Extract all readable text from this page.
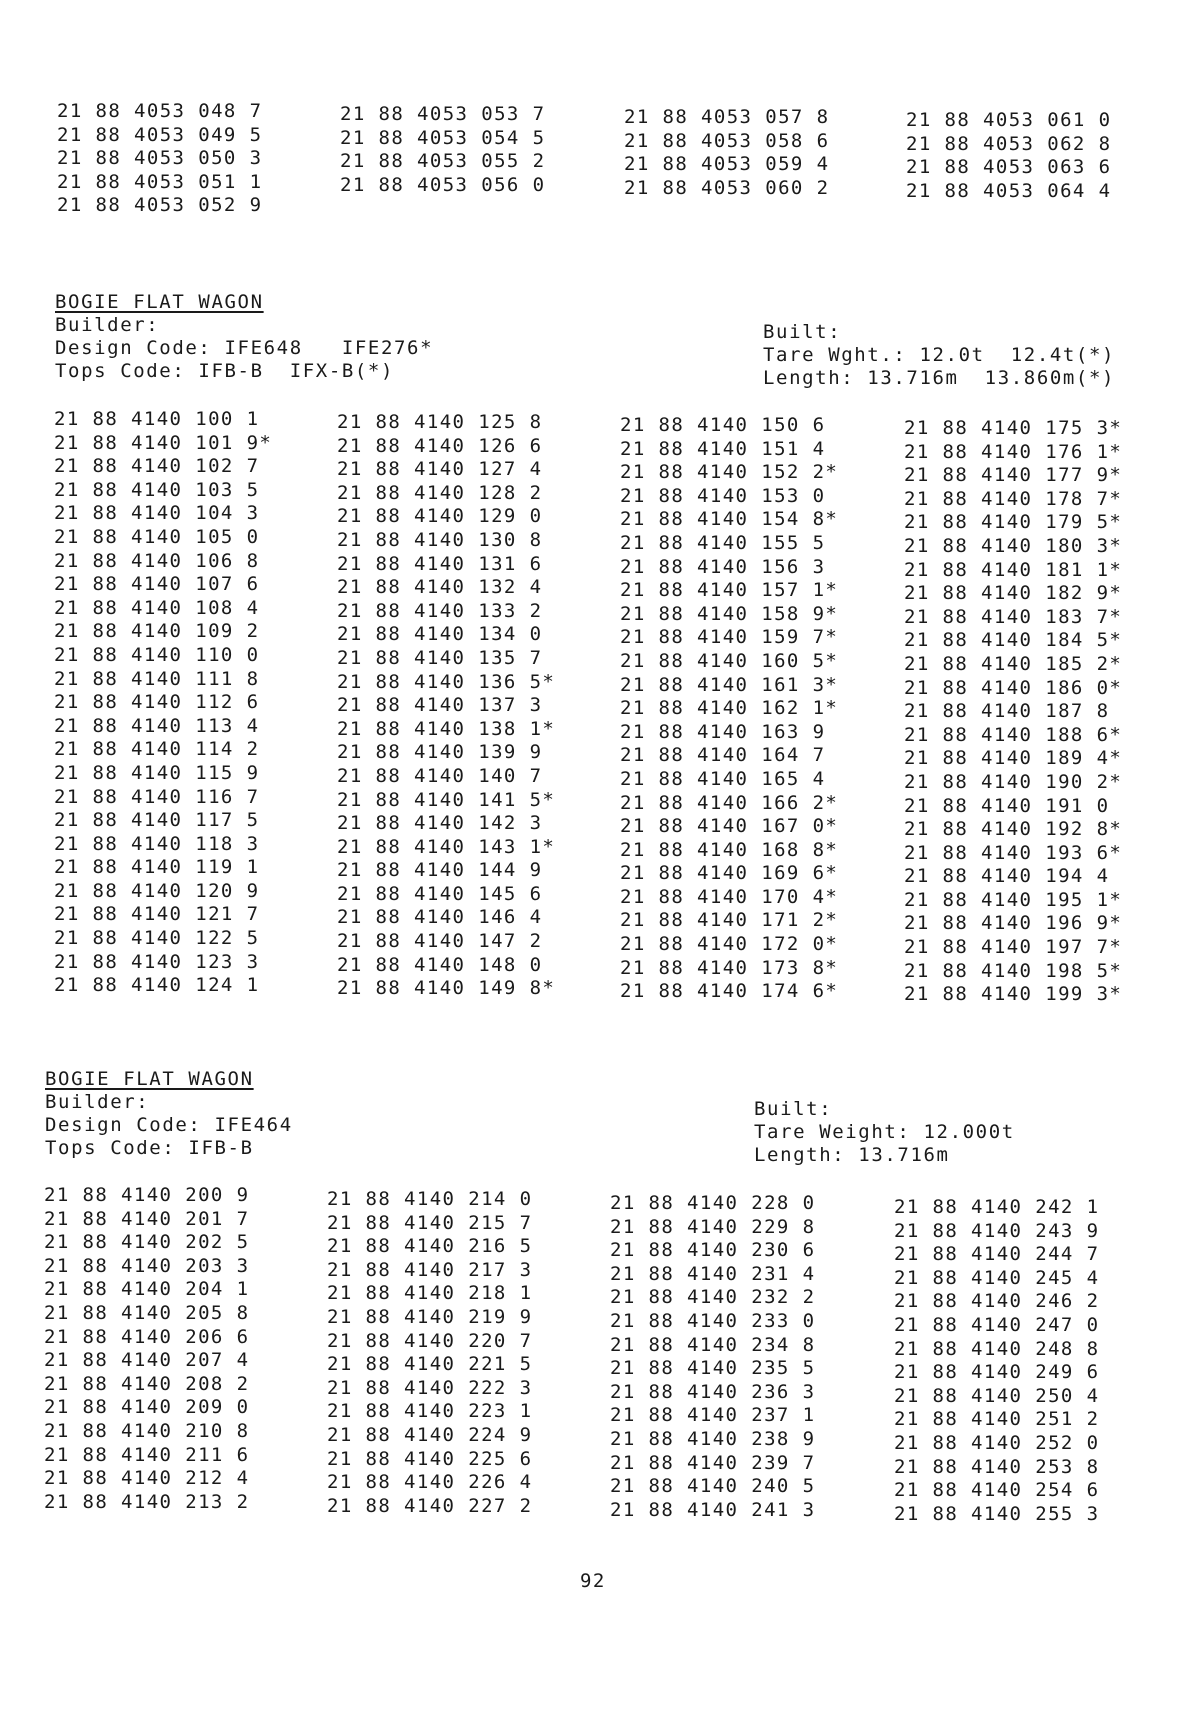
21 88 4053 048 7
21 88 4053 049 5
21 88 4053 050 3
21 88 4053 051 1
21 88 4053 052 9
21 88 4053 053 7
21 88 4053 054 5
21 88 4053 055 2
21 88 4053 056 0
21 88 4053 057 8
21 88 4053 058 6
21 88 4053 059 4
21 88 4053 060 2
21 88 4053 061 0
21 88 4053 062 8
21 88 4053 063 6
21 88 4053 064 4
BOGIE FLAT WAGON
Builder:
Design Code: IFE648   IFE276*
Tops Code: IFB-B  IFX-B(*)
Built:
Tare Wght.: 12.0t  12.4t(*)
Length: 13.716m  13.860m(*)
21 88 4140 100 1
21 88 4140 101 9*
21 88 4140 102 7
21 88 4140 103 5
21 88 4140 104 3
21 88 4140 105 0
21 88 4140 106 8
21 88 4140 107 6
21 88 4140 108 4
21 88 4140 109 2
21 88 4140 110 0
21 88 4140 111 8
21 88 4140 112 6
21 88 4140 113 4
21 88 4140 114 2
21 88 4140 115 9
21 88 4140 116 7
21 88 4140 117 5
21 88 4140 118 3
21 88 4140 119 1
21 88 4140 120 9
21 88 4140 121 7
21 88 4140 122 5
21 88 4140 123 3
21 88 4140 124 1
21 88 4140 125 8
21 88 4140 126 6
21 88 4140 127 4
21 88 4140 128 2
21 88 4140 129 0
21 88 4140 130 8
21 88 4140 131 6
21 88 4140 132 4
21 88 4140 133 2
21 88 4140 134 0
21 88 4140 135 7
21 88 4140 136 5*
21 88 4140 137 3
21 88 4140 138 1*
21 88 4140 139 9
21 88 4140 140 7
21 88 4140 141 5*
21 88 4140 142 3
21 88 4140 143 1*
21 88 4140 144 9
21 88 4140 145 6
21 88 4140 146 4
21 88 4140 147 2
21 88 4140 148 0
21 88 4140 149 8*
21 88 4140 150 6
21 88 4140 151 4
21 88 4140 152 2*
21 88 4140 153 0
21 88 4140 154 8*
21 88 4140 155 5
21 88 4140 156 3
21 88 4140 157 1*
21 88 4140 158 9*
21 88 4140 159 7*
21 88 4140 160 5*
21 88 4140 161 3*
21 88 4140 162 1*
21 88 4140 163 9
21 88 4140 164 7
21 88 4140 165 4
21 88 4140 166 2*
21 88 4140 167 0*
21 88 4140 168 8*
21 88 4140 169 6*
21 88 4140 170 4*
21 88 4140 171 2*
21 88 4140 172 0*
21 88 4140 173 8*
21 88 4140 174 6*
21 88 4140 175 3*
21 88 4140 176 1*
21 88 4140 177 9*
21 88 4140 178 7*
21 88 4140 179 5*
21 88 4140 180 3*
21 88 4140 181 1*
21 88 4140 182 9*
21 88 4140 183 7*
21 88 4140 184 5*
21 88 4140 185 2*
21 88 4140 186 0*
21 88 4140 187 8
21 88 4140 188 6*
21 88 4140 189 4*
21 88 4140 190 2*
21 88 4140 191 0
21 88 4140 192 8*
21 88 4140 193 6*
21 88 4140 194 4
21 88 4140 195 1*
21 88 4140 196 9*
21 88 4140 197 7*
21 88 4140 198 5*
21 88 4140 199 3*
BOGIE FLAT WAGON
Builder:
Design Code: IFE464
Tops Code: IFB-B
Built:
Tare Weight: 12.000t
Length: 13.716m
21 88 4140 200 9
21 88 4140 201 7
21 88 4140 202 5
21 88 4140 203 3
21 88 4140 204 1
21 88 4140 205 8
21 88 4140 206 6
21 88 4140 207 4
21 88 4140 208 2
21 88 4140 209 0
21 88 4140 210 8
21 88 4140 211 6
21 88 4140 212 4
21 88 4140 213 2
21 88 4140 214 0
21 88 4140 215 7
21 88 4140 216 5
21 88 4140 217 3
21 88 4140 218 1
21 88 4140 219 9
21 88 4140 220 7
21 88 4140 221 5
21 88 4140 222 3
21 88 4140 223 1
21 88 4140 224 9
21 88 4140 225 6
21 88 4140 226 4
21 88 4140 227 2
21 88 4140 228 0
21 88 4140 229 8
21 88 4140 230 6
21 88 4140 231 4
21 88 4140 232 2
21 88 4140 233 0
21 88 4140 234 8
21 88 4140 235 5
21 88 4140 236 3
21 88 4140 237 1
21 88 4140 238 9
21 88 4140 239 7
21 88 4140 240 5
21 88 4140 241 3
21 88 4140 242 1
21 88 4140 243 9
21 88 4140 244 7
21 88 4140 245 4
21 88 4140 246 2
21 88 4140 247 0
21 88 4140 248 8
21 88 4140 249 6
21 88 4140 250 4
21 88 4140 251 2
21 88 4140 252 0
21 88 4140 253 8
21 88 4140 254 6
21 88 4140 255 3
92
